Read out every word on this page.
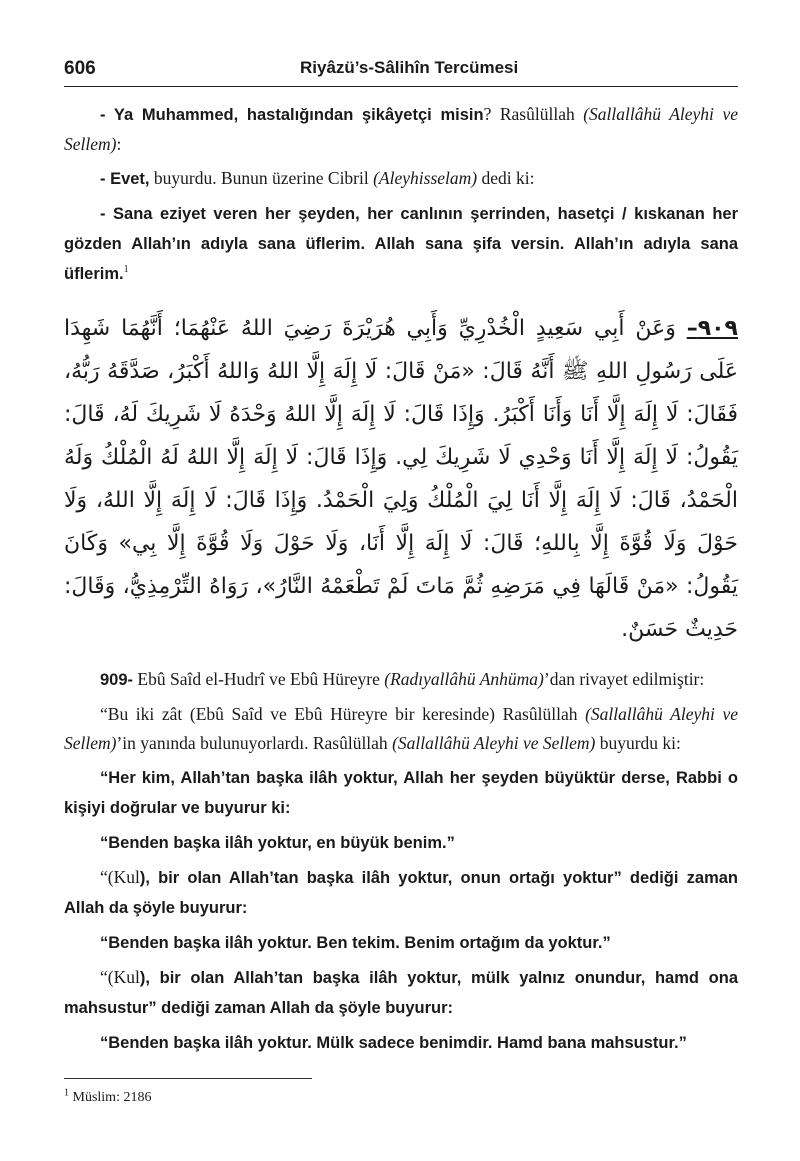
606	Riyâzü’s-Sâlihîn Tercümesi

- Ya Muhammed, hastalığından şikâyetçi misin? Rasûlüllah (Sallallâhü Aleyhi ve Sellem):

- Evet, buyurdu. Bunun üzerine Cibril (Aleyhisselam) dedi ki:

- Sana eziyet veren her şeyden, her canlının şerrinden, hasetçi / kıskanan her gözden Allah’ın adıyla sana üflerim. Allah sana şifa versin. Allah’ın adıyla sana üflerim.$^1$

٩٠٩– وَعَنْ أَبِي سَعِيدٍ الْخُدْرِيِّ وَأَبِي هُرَيْرَةَ رَضِيَ اللهُ عَنْهُمَا؛ أَنَّهُمَا شَهِدَا عَلَى رَسُولِ اللهِ ﷺ أَنَّهُ قَالَ: «مَنْ قَالَ: لَا إِلَهَ إِلَّا اللهُ وَاللهُ أَكْبَرُ، صَدَّقَهُ رَبُّهُ، فَقَالَ: لَا إِلَهَ إِلَّا أَنَا وَأَنَا أَكْبَرُ. وَإِذَا قَالَ: لَا إِلَهَ إِلَّا اللهُ وَحْدَهُ لَا شَرِيكَ لَهُ، قَالَ: يَقُولُ: لَا إِلَهَ إِلَّا أَنَا وَحْدِي لَا شَرِيكَ لِي. وَإِذَا قَالَ: لَا إِلَهَ إِلَّا اللهُ لَهُ الْمُلْكُ وَلَهُ الْحَمْدُ، قَالَ: لَا إِلَهَ إِلَّا أَنَا لِيَ الْمُلْكُ وَلِيَ الْحَمْدُ. وَإِذَا قَالَ: لَا إِلَهَ إِلَّا اللهُ، وَلَا حَوْلَ وَلَا قُوَّةَ إِلَّا بِاللهِ؛ قَالَ: لَا إِلَهَ إِلَّا أَنَا، وَلَا حَوْلَ وَلَا قُوَّةَ إِلَّا بِي» وَكَانَ يَقُولُ: «مَنْ قَالَهَا فِي مَرَضِهِ ثُمَّ مَاتَ لَمْ تَطْعَمْهُ النَّارُ»، رَوَاهُ التِّرْمِذِيُّ، وَقَالَ: حَدِيثٌ حَسَنٌ.

909- Ebû Saîd el-Hudrî ve Ebû Hüreyre (Radıyallâhü Anhüma)’dan rivayet edilmiştir:

“Bu iki zât (Ebû Saîd ve Ebû Hüreyre bir keresinde) Rasûlüllah (Sallallâhü Aleyhi ve Sellem)’in yanında bulunuyorlardı. Rasûlüllah (Sallallâhü Aleyhi ve Sellem) buyurdu ki:

“Her kim, Allah’tan başka ilâh yoktur, Allah her şeyden büyüktür derse, Rabbi o kişiyi doğrular ve buyurur ki:

“Benden başka ilâh yoktur, en büyük benim.”

“(Kul), bir olan Allah’tan başka ilâh yoktur, onun ortağı yoktur” dediği zaman Allah da şöyle buyurur:

“Benden başka ilâh yoktur. Ben tekim. Benim ortağım da yoktur.”

“(Kul), bir olan Allah’tan başka ilâh yoktur, mülk yalnız onundur, hamd ona mahsustur” dediği zaman Allah da şöyle buyurur:

“Benden başka ilâh yoktur. Mülk sadece benimdir. Hamd bana mahsustur.”

$^1$ Müslim: 2186
